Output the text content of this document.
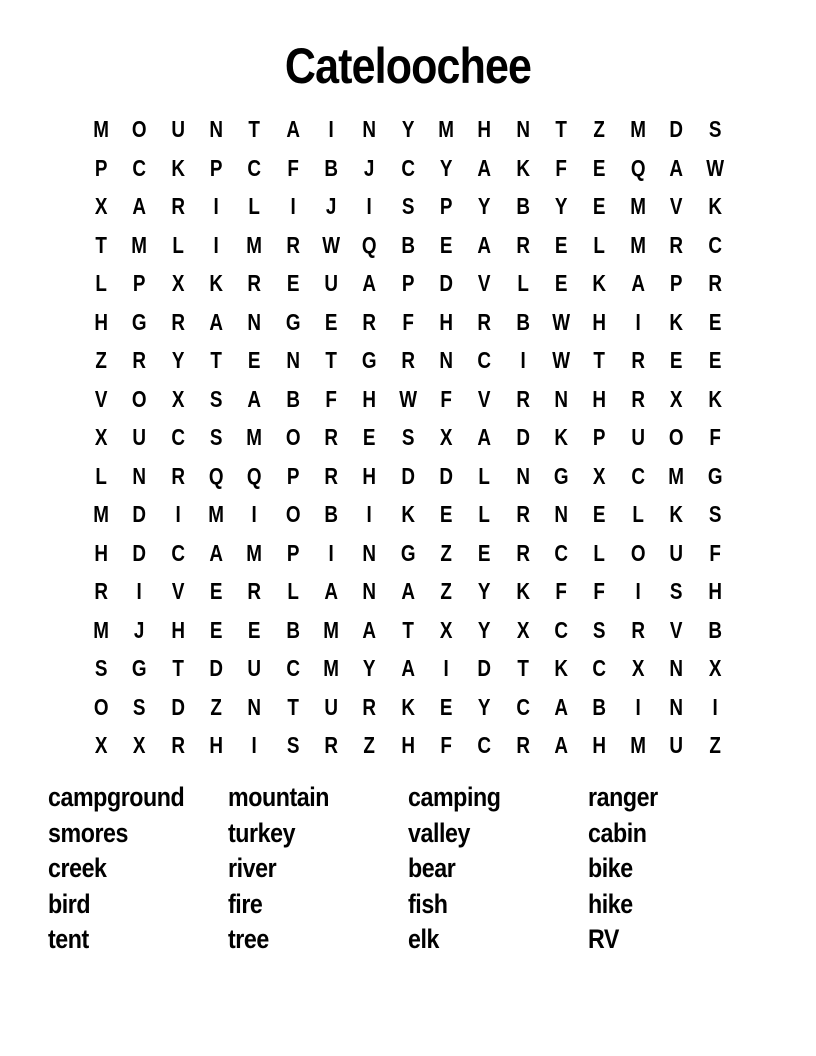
Cateloochee
M	O	U	N	T	A	I	N	Y	M	H	N	T	Z	M	D	S
P	C	K	P	C	F	B	J	C	Y	A	K	F	E	Q	A W
X	A	R	I	L	I	J	I	S	P	Y	B	Y	E	M	V	K
T	M	L	I	M	R W Q	B	E	A	R	E	L	M	R	C
L	P	X	K	R	E	U	A	P	D	V	L	E	K	A	P	R
H	G	R	A	N	G	E	R	F	H	R	B W H	I	K	E
Z	R	Y	T	E	N	T	G	R	N	C	I	W	T	R	E	E
V	O	X	S	A	B	F	H W	F	V	R	N	H	R	X	K
X	U	C	S	M	O	R	E	S	X	A	D	K	P	U	O	F
L	N	R	Q	Q	P	R	H	D	D	L	N	G	X	C	M	G
M	D	I	M	I	O	B	I	K	E	L	R	N	E	L	K	S
H	D	C	A	M	P	I	N	G	Z	E	R	C	L	O	U	F
R	I	V	E	R	L	A	N	A	Z	Y	K	F	F	I	S	H
M	J	H	E	E	B	M	A	T	X	Y	X	C	S	R	V	B
S	G	T	D	U	C	M	Y	A	I	D	T	K	C	X	N	X
O	S	D	Z	N	T	U	R	K	E	Y	C	A	B	I	N	I
X	X	R	H	I	S	R	Z	H	F	C	R	A	H	M	U	Z
campground
smores
creek
bird
tent
mountain
turkey
river
fire
tree
camping
valley
bear
fish
elk
ranger
cabin
bike
hike
RV
